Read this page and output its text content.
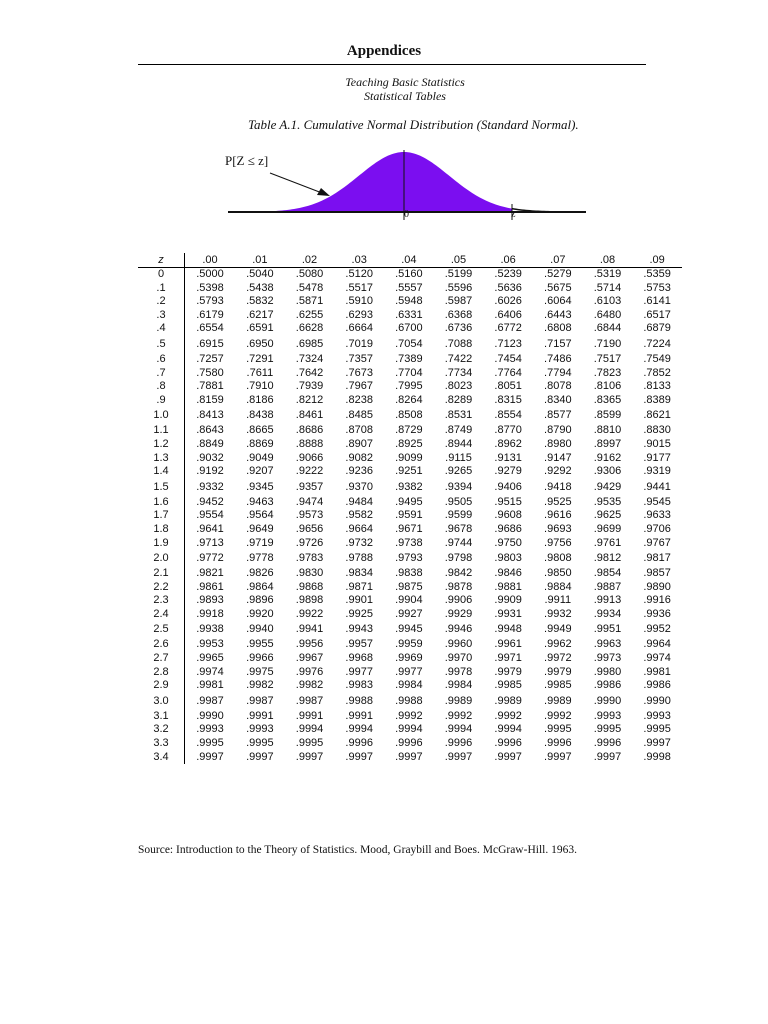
Appendices
Teaching Basic Statistics
Statistical Tables
Table A.1. Cumulative Normal Distribution (Standard Normal).
P[Z ≤ z]
0	z
z	.00	.01	.02	.03	.04	.05	.06	.07	.08	.09
0	.5000	.5040	.5080	.5120	.5160	.5199	.5239	.5279	.5319	.5359
.1	.5398	.5438	.5478	.5517	.5557	.5596	.5636	.5675	.5714	.5753
.2	.5793	.5832	.5871	.5910	.5948	.5987	.6026	.6064	.6103	.6141
.3	.6179	.6217	.6255	.6293	.6331	.6368	.6406	.6443	.6480	.6517
.4	.6554	.6591	.6628	.6664	.6700	.6736	.6772	.6808	.6844	.6879
.5	.6915	.6950	.6985	.7019	.7054	.7088	.7123	.7157	.7190	.7224
.6	.7257	.7291	.7324	.7357	.7389	.7422	.7454	.7486	.7517	.7549
.7	.7580	.7611	.7642	.7673	.7704	.7734	.7764	.7794	.7823	.7852
.8	.7881	.7910	.7939	.7967	.7995	.8023	.8051	.8078	.8106	.8133
.9	.8159	.8186	.8212	.8238	.8264	.8289	.8315	.8340	.8365	.8389
1.0	.8413	.8438	.8461	.8485	.8508	.8531	.8554	.8577	.8599	.8621
1.1	.8643	.8665	.8686	.8708	.8729	.8749	.8770	.8790	.8810	.8830
1.2	.8849	.8869	.8888	.8907	.8925	.8944	.8962	.8980	.8997	.9015
1.3	.9032	.9049	.9066	.9082	.9099	.9115	.9131	.9147	.9162	.9177
1.4	.9192	.9207	.9222	.9236	.9251	.9265	.9279	.9292	.9306	.9319
1.5	.9332	.9345	.9357	.9370	.9382	.9394	.9406	.9418	.9429	.9441
1.6	.9452	.9463	.9474	.9484	.9495	.9505	.9515	.9525	.9535	.9545
1.7	.9554	.9564	.9573	.9582	.9591	.9599	.9608	.9616	.9625	.9633
1.8	.9641	.9649	.9656	.9664	.9671	.9678	.9686	.9693	.9699	.9706
1.9	.9713	.9719	.9726	.9732	.9738	.9744	.9750	.9756	.9761	.9767
2.0	.9772	.9778	.9783	.9788	.9793	.9798	.9803	.9808	.9812	.9817
2.1	.9821	.9826	.9830	.9834	.9838	.9842	.9846	.9850	.9854	.9857
2.2	.9861	.9864	.9868	.9871	.9875	.9878	.9881	.9884	.9887	.9890
2.3	.9893	.9896	.9898	.9901	.9904	.9906	.9909	.9911	.9913	.9916
2.4	.9918	.9920	.9922	.9925	.9927	.9929	.9931	.9932	.9934	.9936
2.5	.9938	.9940	.9941	.9943	.9945	.9946	.9948	.9949	.9951	.9952
2.6	.9953	.9955	.9956	.9957	.9959	.9960	.9961	.9962	.9963	.9964
2.7	.9965	.9966	.9967	.9968	.9969	.9970	.9971	.9972	.9973	.9974
2.8	.9974	.9975	.9976	.9977	.9977	.9978	.9979	.9979	.9980	.9981
2.9	.9981	.9982	.9982	.9983	.9984	.9984	.9985	.9985	.9986	.9986
3.0	.9987	.9987	.9987	.9988	.9988	.9989	.9989	.9989	.9990	.9990
3.1	.9990	.9991	.9991	.9991	.9992	.9992	.9992	.9992	.9993	.9993
3.2	.9993	.9993	.9994	.9994	.9994	.9994	.9994	.9995	.9995	.9995
3.3	.9995	.9995	.9995	.9996	.9996	.9996	.9996	.9996	.9996	.9997
3.4	.9997	.9997	.9997	.9997	.9997	.9997	.9997	.9997	.9997	.9998
Source: Introduction to the Theory of Statistics. Mood, Graybill and Boes. McGraw-Hill. 1963.
